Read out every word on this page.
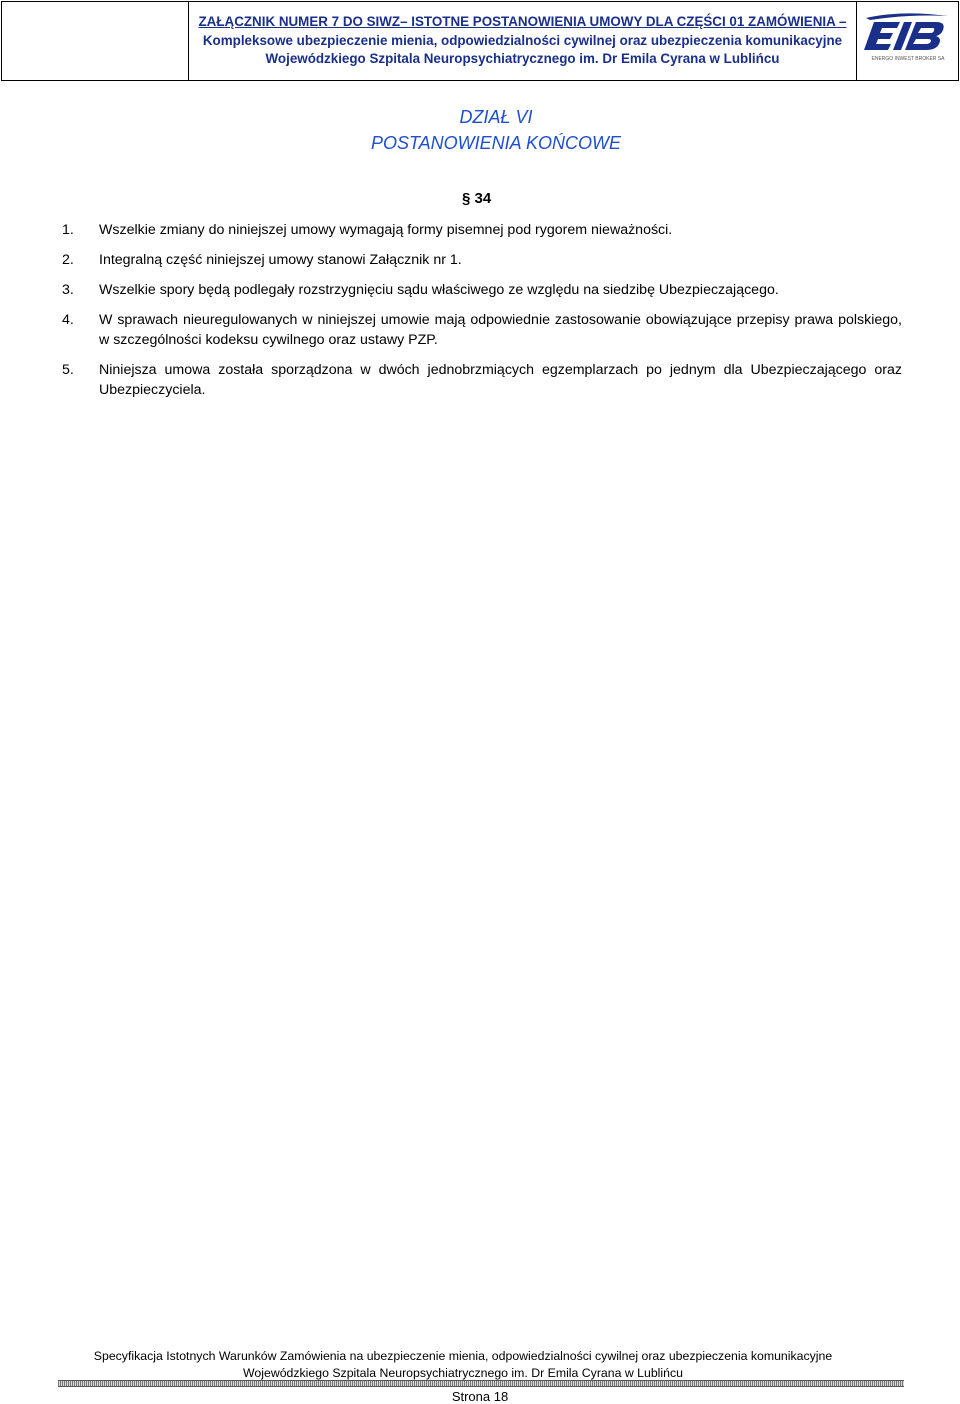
ZAŁĄCZNIK NUMER 7 DO SIWZ– ISTOTNE POSTANOWIENIA UMOWY DLA CZĘŚCI 01 ZAMÓWIENIA –
Kompleksowe ubezpieczenie mienia, odpowiedzialności cywilnej oraz ubezpieczenia komunikacyjne
Wojewódzkiego Szpitala Neuropsychiatrycznego im. Dr Emila Cyrana w Lublińcu	ENERGO INWEST BROKER SA
DZIAŁ VI
POSTANOWIENIA KOŃCOWE
§ 34
1.	Wszelkie zmiany do niniejszej umowy wymagają formy pisemnej pod rygorem nieważności.
2.	Integralną część niniejszej umowy stanowi Załącznik nr 1.
3.	Wszelkie spory będą podlegały rozstrzygnięciu sądu właściwego ze względu na siedzibę Ubezpieczającego.
4.	W sprawach nieuregulowanych w niniejszej umowie mają odpowiednie zastosowanie obowiązujące przepisy prawa polskiego, w szczególności kodeksu cywilnego oraz ustawy PZP.
5.	Niniejsza umowa została sporządzona w dwóch jednobrzmiących egzemplarzach po jednym dla Ubezpieczającego oraz Ubezpieczyciela.
Specyfikacja Istotnych Warunków Zamówienia na ubezpieczenie mienia, odpowiedzialności cywilnej oraz ubezpieczenia komunikacyjne
Wojewódzkiego Szpitala Neuropsychiatrycznego im. Dr Emila Cyrana w Lublińcu
Strona 18
